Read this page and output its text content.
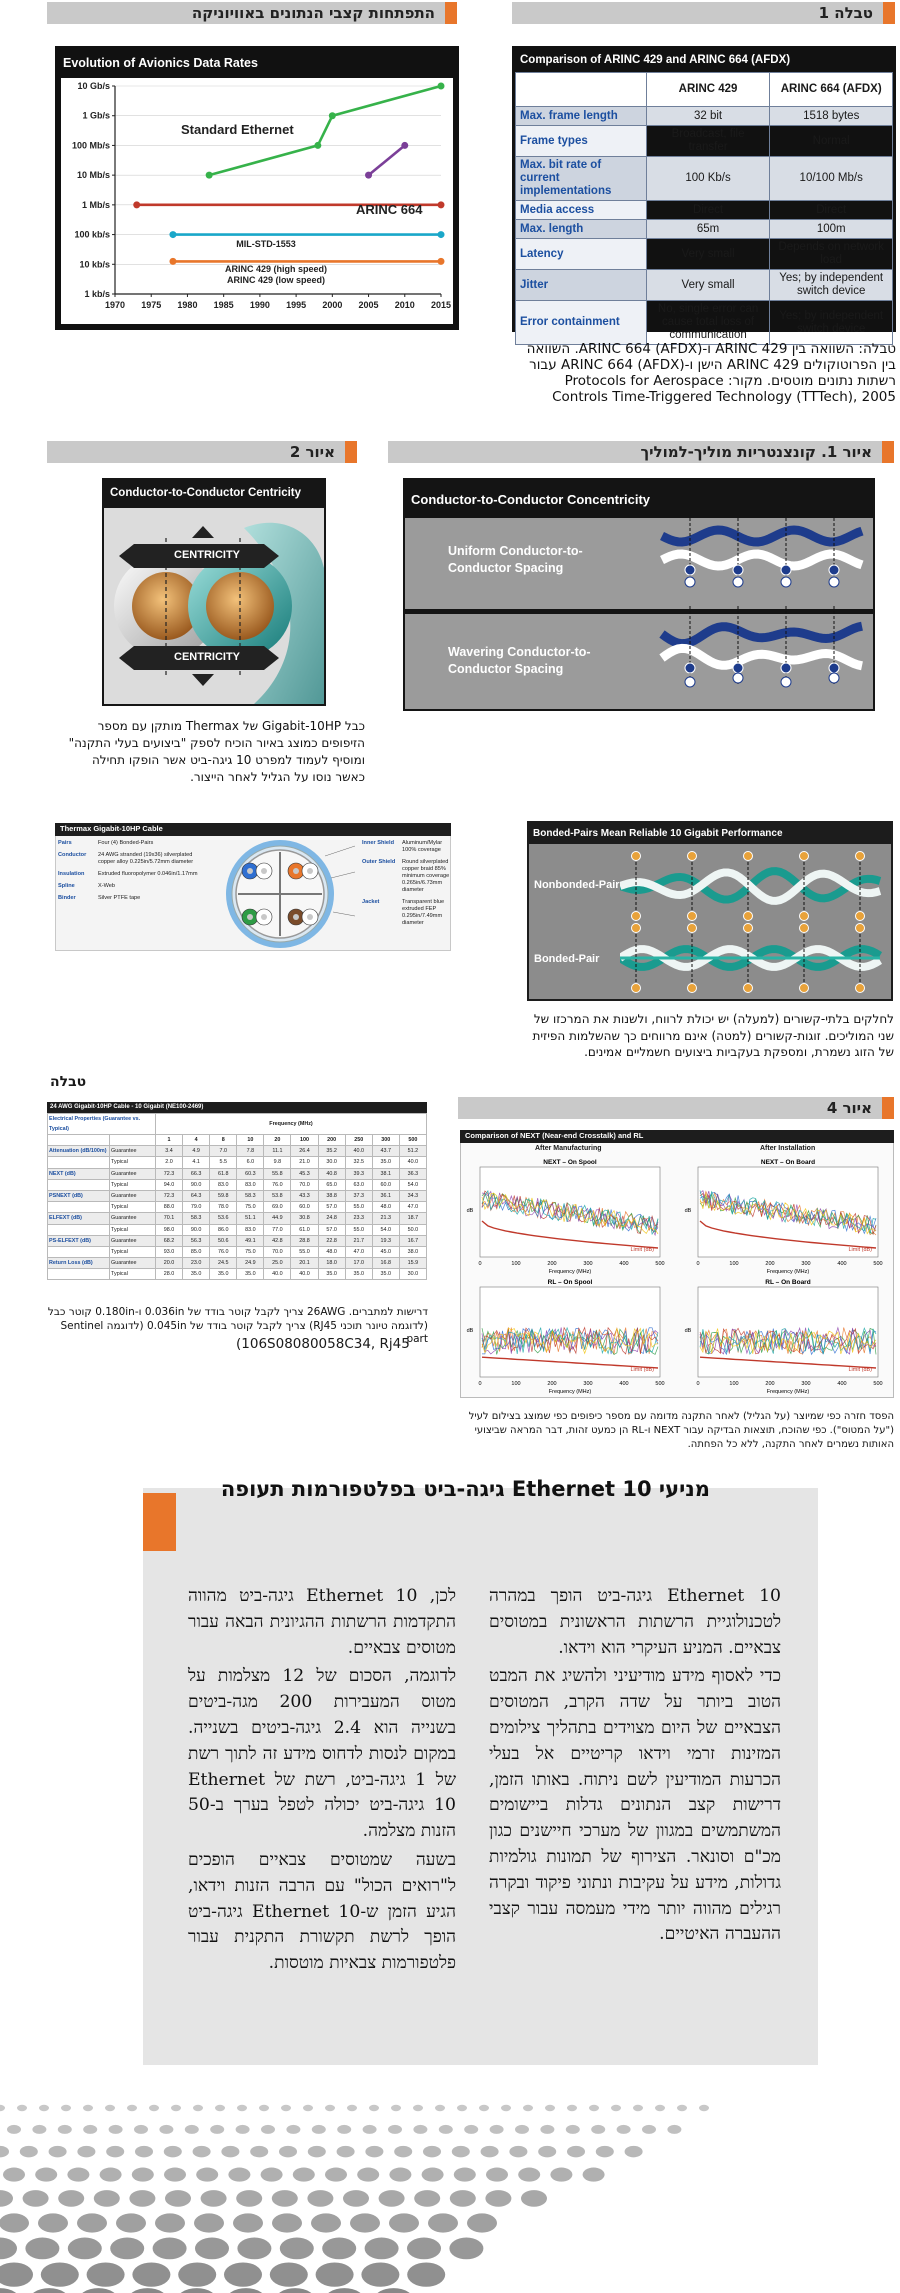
התפתחות קצבי הנתונים באוויוניקה	טבלה 1
Evolution of Avionics Data Rates
1 kb/s
10 kb/s
100 kb/s
1 Mb/s
10 Mb/s
100 Mb/s
1 Gb/s
10 Gb/s
1970 1975 1980 1985 1990 1995 2000 2005 2010 2015
Standard Ethernet
ARINC 664
MIL-STD-1553
ARINC 429 (high speed)
ARINC 429 (low speed)
Comparison of ARINC 429 and ARINC 664 (AFDX)
	ARINC 429	ARINC 664 (AFDX)
Max. frame length	32 bit	1518 bytes
Frame types	Broadcast, file transfer	Normal
Max. bit rate of current implementations	100 Kb/s	10/100 Mb/s
Media access	Direct	Direct
Max. length	65m	100m
Latency	Very small	Depends on network load
Jitter	Very small	Yes; by independent switch device
Error containment	No, single error can cause total loss of communication	Yes; by independent switch device
טבלה: השוואה בין ARINC 429 ו-ARINC 664 (AFDX). השוואה בין הפרוטוקולים ARINC 429 הישן ו-ARINC 664 (AFDX) עבור רשתות נתונים מוטסים. מקור: Protocols for Aerospace Controls Time-Triggered Technology (TTTech), 2005
איור 2	איור 1. קונצנטריות מוליך-למוליך
Conductor-to-Conductor Centricity
CENTRICITY
CENTRICITY
כבל Gigabit-10HP של Thermax מותקן עם מספר הזיפופים כמוצג באיור הוכיח לספק "ביצועים בעלי התקנה" ומוסיף לעמוד למפרט 10 גיגה-ביט אשר הופקו תחילה כאשר נוסו על הגליל לאחר הייצור.
Conductor-to-Conductor Concentricity
Uniform Conductor-to-Conductor Spacing
Wavering Conductor-to-Conductor Spacing
Thermax Gigabit-10HP Cable
Pairs	Four (4) Bonded-Pairs
Conductor	24 AWG stranded (19x36) silverplated copper alloy 0.225in/5.72mm diameter
Insulation	Extruded fluoropolymer 0.046in/1.17mm
Spline	X-Web
Binder	Silver PTFE tape
Inner Shield	Aluminum/Mylar 100% coverage
Outer Shield	Round silverplated copper braid 85% minimum coverage 0.265in/6.73mm diameter
Jacket	Transparent blue extruded FEP 0.295in/7.49mm diameter
Bonded-Pairs Mean Reliable 10 Gigabit Performance
Nonbonded-Pair
Bonded-Pair
לחלקים בלתי-קשורים (למעלה) יש יכולת לרווח, ולשנות את המרכזו של שני המוליכים. זוגות-קשורים (למטה) אינם מרווחים כך שהשלמות הפיזית של הזוג נשמרת, ומספקת בעקביות ביצועים חשמליים אמינים.
טבלה
24 AWG Gigabit-10HP Cable - 10 Gigabit (NE100-2469)
Electrical Properties (Guarantee vs. Typical)		Frequency (MHz)									
		1	4	8	10	20	100	200	250	300	500
Attenuation (dB/100m)	Guarantee	3.4	4.9	7.0	7.8	11.1	26.4	35.2	40.0	43.7	51.2
	Typical	2.0	4.1	5.5	6.0	9.8	21.0	30.0	32.5	35.0	40.0
NEXT (dB)	Guarantee	72.3	66.3	61.8	60.3	55.8	45.3	40.8	39.3	38.1	36.3
	Typical	94.0	90.0	83.0	83.0	76.0	70.0	65.0	63.0	60.0	54.0
PSNEXT (dB)	Guarantee	72.3	64.3	59.8	58.3	53.8	43.3	38.8	37.3	36.1	34.3
	Typical	88.0	79.0	78.0	75.0	69.0	60.0	57.0	55.0	48.0	47.0
ELFEXT (dB)	Guarantee	70.1	58.3	53.6	51.1	44.9	30.8	24.8	23.3	21.3	18.7
	Typical	98.0	90.0	86.0	83.0	77.0	61.0	57.0	55.0	54.0	50.0
PS-ELFEXT (dB)	Guarantee	68.2	56.3	50.6	49.1	42.8	28.8	22.8	21.7	19.3	16.7
	Typical	93.0	85.0	76.0	75.0	70.0	55.0	48.0	47.0	45.0	38.0
Return Loss (dB)	Guarantee	20.0	23.0	24.5	24.9	25.0	20.1	18.0	17.0	16.8	15.9
	Typical	28.0	35.0	35.0	35.0	40.0	40.0	35.0	35.0	35.0	30.0
דרישות למתברים. 26AWG צריך לקבל קוטר בודד של 0.036in ו-0.180in קוטר כבל (לדוגמה טיונר תוכני RJ45) צריך לקבל קוטר בודד של 0.045in (לדוגמה Sentinel part
(106S08080058C34, Rj45
איור 4
Comparison of NEXT (Near-end Crosstalk) and RL
After Manufacturing	After Installation
NEXT – On Spool
0	100	200	300	400	500
Frequency (MHz)
dB
Limit (dB)
NEXT – On Board
0	100	200	300	400	500
Frequency (MHz)
dB
Limit (dB)
RL – On Spool
0	100	200	300	400	500
Frequency (MHz)
dB
Limit (dB)
RL – On Board
0	100	200	300	400	500
Frequency (MHz)
dB
Limit (dB)
הפסד חזרה כפי שמיוצר (על הגליל) לאחר התקנה מדומה עם מספר כיפופים כפי שמוצג בצילום לעיל ("על המטוס"). כפי שהוכח, תוצאות הבדיקה עבור NEXT ו-RL הן כמעט זהות, דבר המראה שביצועי האותות נשמרים לאחר התקנה, ללא כל הפחתה.
מניעי Ethernet 10 גיגה-ביט בפלטפורמות תעופה

Ethernet 10 גיגה-ביט הופך במהרה לטכנולוגיית הרשתות הראשונית במטוסים צבאיים. המניע העיקרי הוא וידאו.

כדי לאסוף מידע מודיעיני ולהשיג את המבט הטוב ביותר על שדה הקרב, המטוסים הצבאיים של היום מצוידים בתהליך צילומים המזינות זרמי וידאו קריטיים אל בעלי הכרעות המודיעין לשם ניתוח. באותו הזמן, דרישות קצב הנתונים גדלות ביישומים המשתמשים במגוון של מערכי חיישנים כגון מכ"ם וסונאר. הצירוף של תמונות גולמיות גדולות, מידע על עקיבות ונתוני פיקוד ובקרה רגילים מהווה יותר מידי מעמסה עבור קצבי ההעברה האיטיים.

לכן, Ethernet 10 גיגה-ביט מהווה התקדמות הרשתות ההגיונית הבאה עבור מטוסים צבאיים.

לדוגמה, הסכום של 12 מצלמות על מטוס המעבירות 200 מגה-ביטים בשנייה הוא 2.4 גיגה-ביטים בשנייה. במקום לנסות לדחוס מידע זה לתוך רשת של 1 גיגה-ביט, רשת של Ethernet 10 גיגה-ביט יכולה לטפל בערך ב-50 הזנות מצלמה.

בשעה שמטוסים צבאיים הופכים ל"רואים הכול" עם הרבה הזנות וידאו, הגיע הזמן ש-Ethernet 10 גיגה-ביט הופך לרשת תקשורת התקנית עבור פלטפורמות צבאיות מוטסות.
